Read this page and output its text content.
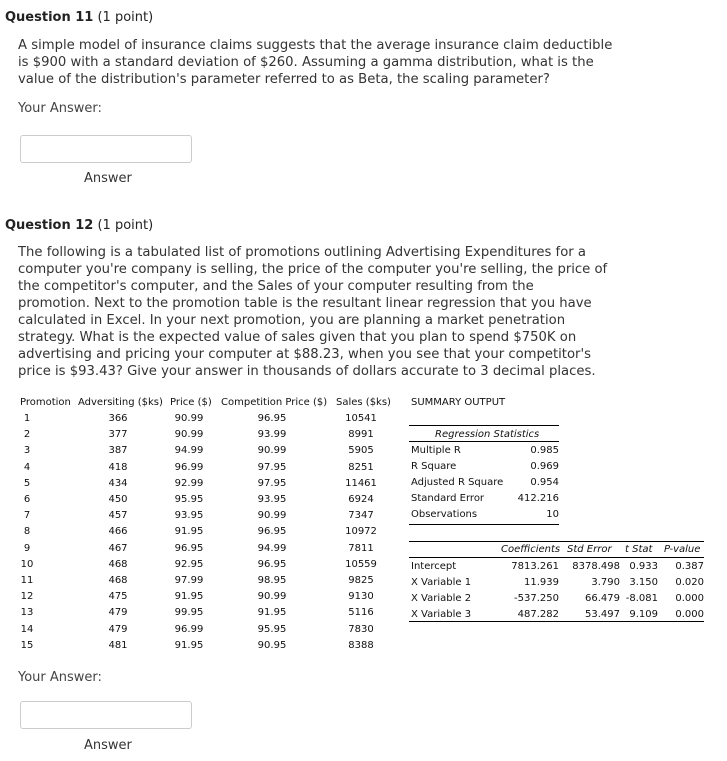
Question 11 (1 point)
A simple model of insurance claims suggests that the average insurance claim deductible is $900 with a standard deviation of $260. Assuming a gamma distribution, what is the value of the distribution's parameter referred to as Beta, the scaling parameter?
Your Answer:
Answer
Question 12 (1 point)
The following is a tabulated list of promotions outlining Advertising Expenditures for a computer you're company is selling, the price of the computer you're selling, the price of the competitor's computer, and the Sales of your computer resulting from the promotion. Next to the promotion table is the resultant linear regression that you have calculated in Excel. In your next promotion, you are planning a market penetration strategy. What is the expected value of sales given that you plan to spend $750K on advertising and pricing your computer at $88.23, when you see that your competitor's price is $93.43? Give your answer in thousands of dollars accurate to 3 decimal places.
Promotion Adversiting ($ks) Price ($) Competition Price ($) Sales ($ks)
1	366	90.99	96.95	10541
2	377	90.99	93.99	8991
3	387	94.99	90.99	5905
4	418	96.99	97.95	8251
5	434	92.99	97.95	11461
6	450	95.95	93.95	6924
7	457	93.95	90.99	7347
8	466	91.95	96.95	10972
9	467	96.95	94.99	7811
10	468	92.95	96.95	10559
11	468	97.99	98.95	9825
12	475	91.95	90.99	9130
13	479	99.95	91.95	5116
14	479	96.99	95.95	7830
15	481	91.95	90.95	8388
SUMMARY OUTPUT
Regression Statistics
Multiple R	0.985
R Square	0.969
Adjusted R Square	0.954
Standard Error	412.216
Observations	10
Coefficients Std Error t Stat P-value
Intercept	7813.261	8378.498 0.933	0.387
X Variable 1	11.939	3.790 3.150	0.020
X Variable 2	-537.250	66.479 -8.081	0.000
X Variable 3	487.282	53.497 9.109	0.000
Your Answer:
Answer
